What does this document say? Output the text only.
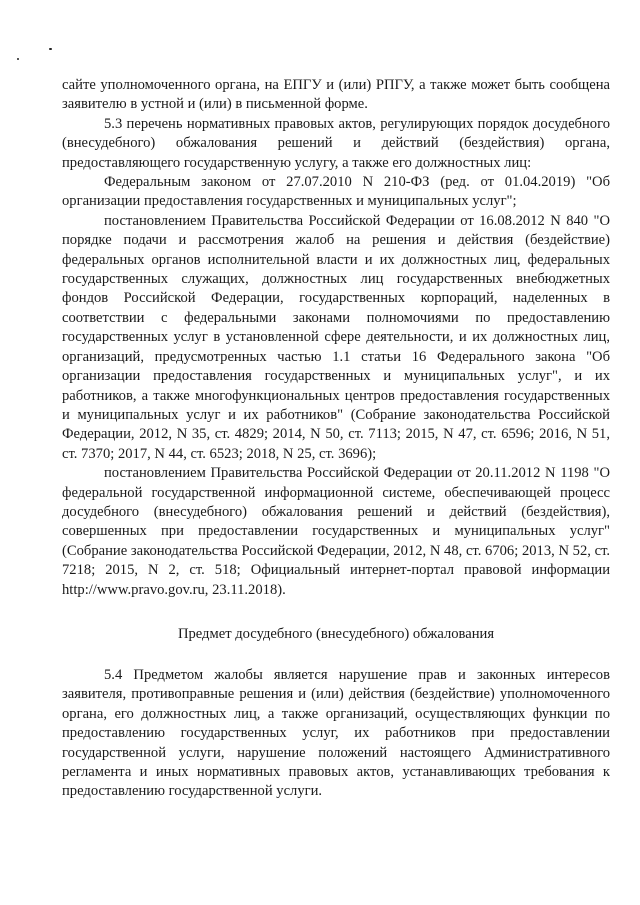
сайте уполномоченного органа, на ЕПГУ и (или) РПГУ, а также может быть сообщена заявителю в устной и (или) в письменной форме.

5.3 перечень нормативных правовых актов, регулирующих порядок досудебного (внесудебного) обжалования решений и действий (бездействия) органа, предоставляющего государственную услугу, а также его должностных лиц:

Федеральным законом от 27.07.2010 N 210-ФЗ (ред. от 01.04.2019) "Об организации предоставления государственных и муниципальных услуг";

постановлением Правительства Российской Федерации от 16.08.2012 N 840 "О порядке подачи и рассмотрения жалоб на решения и действия (бездействие) федеральных органов исполнительной власти и их должностных лиц, федеральных государственных служащих, должностных лиц государственных внебюджетных фондов Российской Федерации, государственных корпораций, наделенных в соответствии с федеральными законами полномочиями по предоставлению государственных услуг в установленной сфере деятельности, и их должностных лиц, организаций, предусмотренных частью 1.1 статьи 16 Федерального закона "Об организации предоставления государственных и муниципальных услуг", и их работников, а также многофункциональных центров предоставления государственных и муниципальных услуг и их работников" (Собрание законодательства Российской Федерации, 2012, N 35, ст. 4829; 2014, N 50, ст. 7113; 2015, N 47, ст. 6596; 2016, N 51, ст. 7370; 2017, N 44, ст. 6523; 2018, N 25, ст. 3696);

постановлением Правительства Российской Федерации от 20.11.2012 N 1198 "О федеральной государственной информационной системе, обеспечивающей процесс досудебного (внесудебного) обжалования решений и действий (бездействия), совершенных при предоставлении государственных и муниципальных услуг" (Собрание законодательства Российской Федерации, 2012, N 48, ст. 6706; 2013, N 52, ст. 7218; 2015, N 2, ст. 518; Официальный интернет-портал правовой информации http://www.pravo.gov.ru, 23.11.2018).

Предмет досудебного (внесудебного) обжалования

5.4 Предметом жалобы является нарушение прав и законных интересов заявителя, противоправные решения и (или) действия (бездействие) уполномоченного органа, его должностных лиц, а также организаций, осуществляющих функции по предоставлению государственных услуг, их работников при предоставлении государственной услуги, нарушение положений настоящего Административного регламента и иных нормативных правовых актов, устанавливающих требования к предоставлению государственной услуги.
